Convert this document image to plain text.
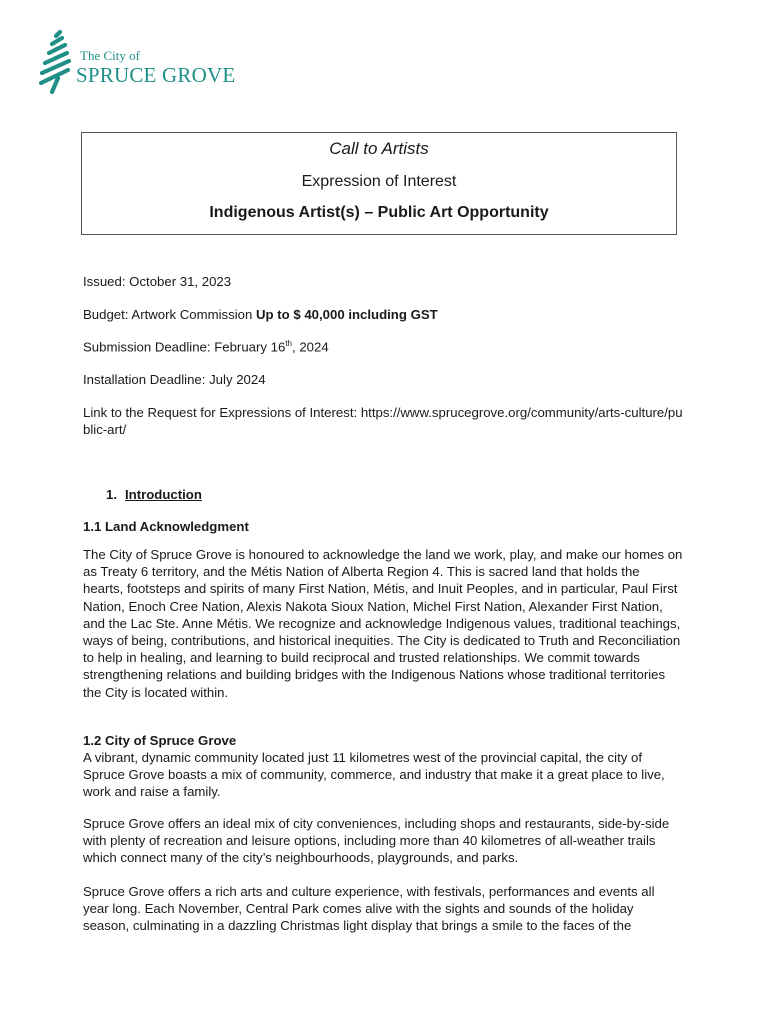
The City of
SPRUCE GROVE
Call to Artists
Expression of Interest
Indigenous Artist(s) – Public Art Opportunity
Issued: October 31, 2023
Budget: Artwork Commission Up to $ 40,000 including GST
Submission Deadline: February 16th, 2024
Installation Deadline: July 2024
Link to the Request for Expressions of Interest: https://www.sprucegrove.org/community/arts-culture/public-art/
1. Introduction
1.1 Land Acknowledgment
The City of Spruce Grove is honoured to acknowledge the land we work, play, and make our homes on as Treaty 6 territory, and the Métis Nation of Alberta Region 4. This is sacred land that holds the hearts, footsteps and spirits of many First Nation, Métis, and Inuit Peoples, and in particular, Paul First Nation, Enoch Cree Nation, Alexis Nakota Sioux Nation, Michel First Nation, Alexander First Nation, and the Lac Ste. Anne Métis. We recognize and acknowledge Indigenous values, traditional teachings, ways of being, contributions, and historical inequities. The City is dedicated to Truth and Reconciliation to help in healing, and learning to build reciprocal and trusted relationships. We commit towards strengthening relations and building bridges with the Indigenous Nations whose traditional territories the City is located within.
1.2 City of Spruce Grove
A vibrant, dynamic community located just 11 kilometres west of the provincial capital, the city of Spruce Grove boasts a mix of community, commerce, and industry that make it a great place to live, work and raise a family.
Spruce Grove offers an ideal mix of city conveniences, including shops and restaurants, side-by-side with plenty of recreation and leisure options, including more than 40 kilometres of all-weather trails which connect many of the city’s neighbourhoods, playgrounds, and parks.
Spruce Grove offers a rich arts and culture experience, with festivals, performances and events all year long. Each November, Central Park comes alive with the sights and sounds of the holiday season, culminating in a dazzling Christmas light display that brings a smile to the faces of the
